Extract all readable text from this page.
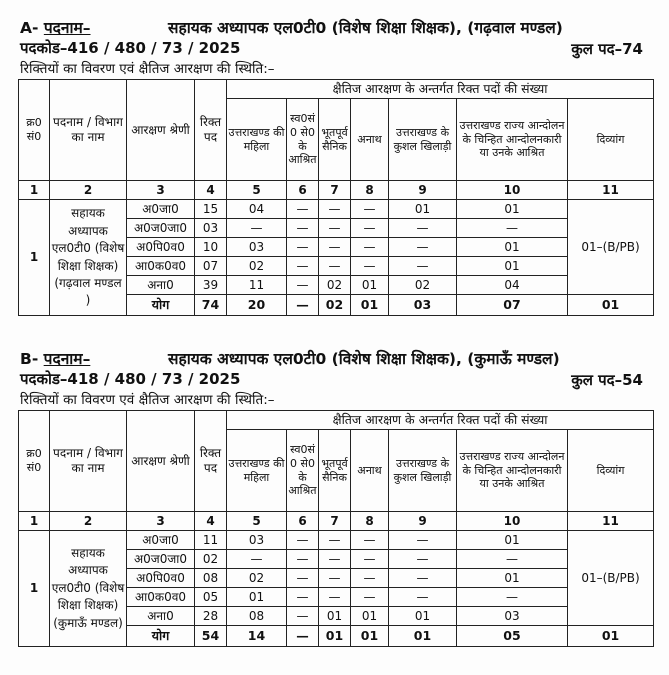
A- पदनाम–	सहायक अध्यापक एल0टी0 (विशेष शिक्षा शिक्षक), (गढ़वाल मण्डल)
पदकोड–416 / 480 / 73 / 2025	कुल पद–74
रिक्तियों का विवरण एवं क्षैतिज आरक्षण की स्थिति:–
क्र0 सं0	पदनाम / विभाग का नाम	आरक्षण श्रेणी	रिक्त पद	क्षैतिज आरक्षण के अन्तर्गत रिक्त पदों की संख्या						
				उत्तराखण्ड की महिला	स्व0सं0 से0 के आश्रित	भूतपूर्व सैनिक	अनाथ	उत्तराखण्ड के कुशल खिलाड़ी	उत्तराखण्ड राज्य आन्दोलन के चिन्हित आन्दोलनकारी या उनके आश्रित	दिव्यांग
1	2	3	4	5	6	7	8	9	10	11
1	सहायक अध्यापक एल0टी0 (विशेष शिक्षा शिक्षक) (गढ़वाल मण्डल )	अ0जा0	15	04	—	—	—	01	01	01–(B/PB)
		अ0ज0जा0	03	—	—	—	—	—	—	
		अ0पि0व0	10	03	—	—	—	—	01	
		आ0क0व0	07	02	—	—	—	—	01	
		अना0	39	11	—	02	01	02	04	
		योग	74	20	—	02	01	03	07	01
B- पदनाम–	सहायक अध्यापक एल0टी0 (विशेष शिक्षा शिक्षक), (कुमाऊँ मण्डल)
पदकोड–418 / 480 / 73 / 2025	कुल पद–54
रिक्तियों का विवरण एवं क्षैतिज आरक्षण की स्थिति:–
क्र0 सं0	पदनाम / विभाग का नाम	आरक्षण श्रेणी	रिक्त पद	क्षैतिज आरक्षण के अन्तर्गत रिक्त पदों की संख्या						
				उत्तराखण्ड की महिला	स्व0सं0 से0 के आश्रित	भूतपूर्व सैनिक	अनाथ	उत्तराखण्ड के कुशल खिलाड़ी	उत्तराखण्ड राज्य आन्दोलन के चिन्हित आन्दोलनकारी या उनके आश्रित	दिव्यांग
1	2	3	4	5	6	7	8	9	10	11
1	सहायक अध्यापक एल0टी0 (विशेष शिक्षा शिक्षक) (कुमाऊँ मण्डल)	अ0जा0	11	03	—	—	—	—	01	01–(B/PB)
		अ0ज0जा0	02	—	—	—	—	—	—	
		अ0पि0व0	08	02	—	—	—	—	01	
		आ0क0व0	05	01	—	—	—	—	—	
		अना0	28	08	—	01	01	01	03	
		योग	54	14	—	01	01	01	05	01
